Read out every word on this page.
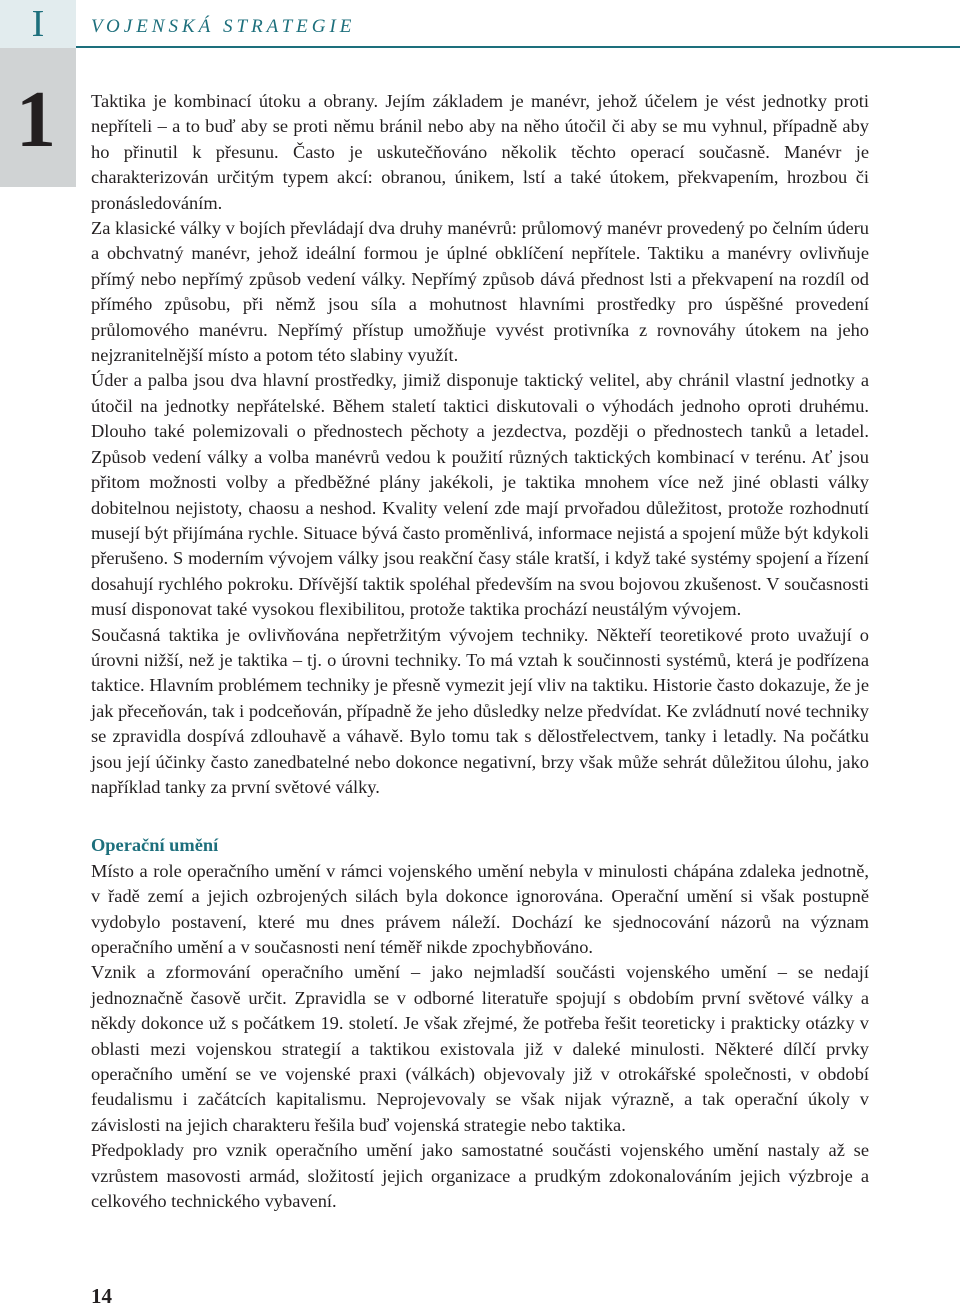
I	VOJENSKÁ STRATEGIE
1 Taktika je kombinací útoku a obrany. Jejím základem je manévr, jehož účelem je vést jednotky proti nepříteli – a to buď aby se proti němu bránil nebo aby na něho útočil či aby se mu vyhnul, případně aby ho přinutil k přesunu. Často je uskutečňováno několik těchto operací současně. Manévr je charakterizován určitým typem akcí: obranou, únikem, lstí a také útokem, překvapením, hrozbou či pronásledováním.

Za klasické války v bojích převládají dva druhy manévrů: průlomový manévr provedený po čelním úderu a obchvatný manévr, jehož ideální formou je úplné obklíčení nepřítele. Taktiku a manévry ovlivňuje přímý nebo nepřímý způsob vedení války. Nepřímý způsob dává přednost lsti a překvapení na rozdíl od přímého způsobu, při němž jsou síla a mohutnost hlavními prostředky pro úspěšné provedení průlomového manévru. Nepřímý přístup umožňuje vyvést protivníka z rovnováhy útokem na jeho nejzranitelnější místo a potom této slabiny využít.

Úder a palba jsou dva hlavní prostředky, jimiž disponuje taktický velitel, aby chránil vlastní jednotky a útočil na jednotky nepřátelské. Během staletí taktici diskutovali o výhodách jednoho oproti druhému. Dlouho také polemizovali o přednostech pěchoty a jezdectva, později o přednostech tanků a letadel. Způsob vedení války a volba manévrů vedou k použití různých taktických kombinací v terénu. Ať jsou přitom možnosti volby a předběžné plány jakékoli, je taktika mnohem více než jiné oblasti války dobitelnou nejistoty, chaosu a neshod. Kvality velení zde mají prvořadou důležitost, protože rozhodnutí musejí být přijímána rychle. Situace bývá často proměnlivá, informace nejistá a spojení může být kdykoli přerušeno. S moderním vývojem války jsou reakční časy stále kratší, i když také systémy spojení a řízení dosahují rychlého pokroku. Dřívější taktik spoléhal především na svou bojovou zkušenost. V současnosti musí disponovat také vysokou flexibilitou, protože taktika prochází neustálým vývojem.

Současná taktika je ovlivňována nepřetržitým vývojem techniky. Někteří teoretikové proto uvažují o úrovni nižší, než je taktika – tj. o úrovni techniky. To má vztah k součinnosti systémů, která je podřízena taktice. Hlavním problémem techniky je přesně vymezit její vliv na taktiku. Historie často dokazuje, že je jak přeceňován, tak i podceňován, případně že jeho důsledky nelze předvídat. Ke zvládnutí nové techniky se zpravidla dospívá zdlouhavě a váhavě. Bylo tomu tak s dělostřelectvem, tanky i letadly. Na počátku jsou její účinky často zanedbatelné nebo dokonce negativní, brzy však může sehrát důležitou úlohu, jako například tanky za první světové války.

Operační umění

Místo a role operačního umění v rámci vojenského umění nebyla v minulosti chápána zdaleka jednotně, v řadě zemí a jejich ozbrojených silách byla dokonce ignorována. Operační umění si však postupně vydobylo postavení, které mu dnes právem náleží. Dochází ke sjednocování názorů na význam operačního umění a v současnosti není téměř nikde zpochybňováno.

Vznik a zformování operačního umění – jako nejmladší součásti vojenského umění – se nedají jednoznačně časově určit. Zpravidla se v odborné literatuře spojují s obdobím první světové války a někdy dokonce už s počátkem 19. století. Je však zřejmé, že potřeba řešit teoreticky i prakticky otázky v oblasti mezi vojenskou strategií a taktikou existovala již v daleké minulosti. Některé dílčí prvky operačního umění se ve vojenské praxi (válkách) objevovaly již v otrokářské společnosti, v období feudalismu i začátcích kapitalismu. Neprojevovaly se však nijak výrazně, a tak operační úkoly v závislosti na jejich charakteru řešila buď vojenská strategie nebo taktika.

Předpoklady pro vznik operačního umění jako samostatné součásti vojenského umění nastaly až se vzrůstem masovosti armád, složitostí jejich organizace a prudkým zdokonalováním jejich výzbroje a celkového technického vybavení.

14
